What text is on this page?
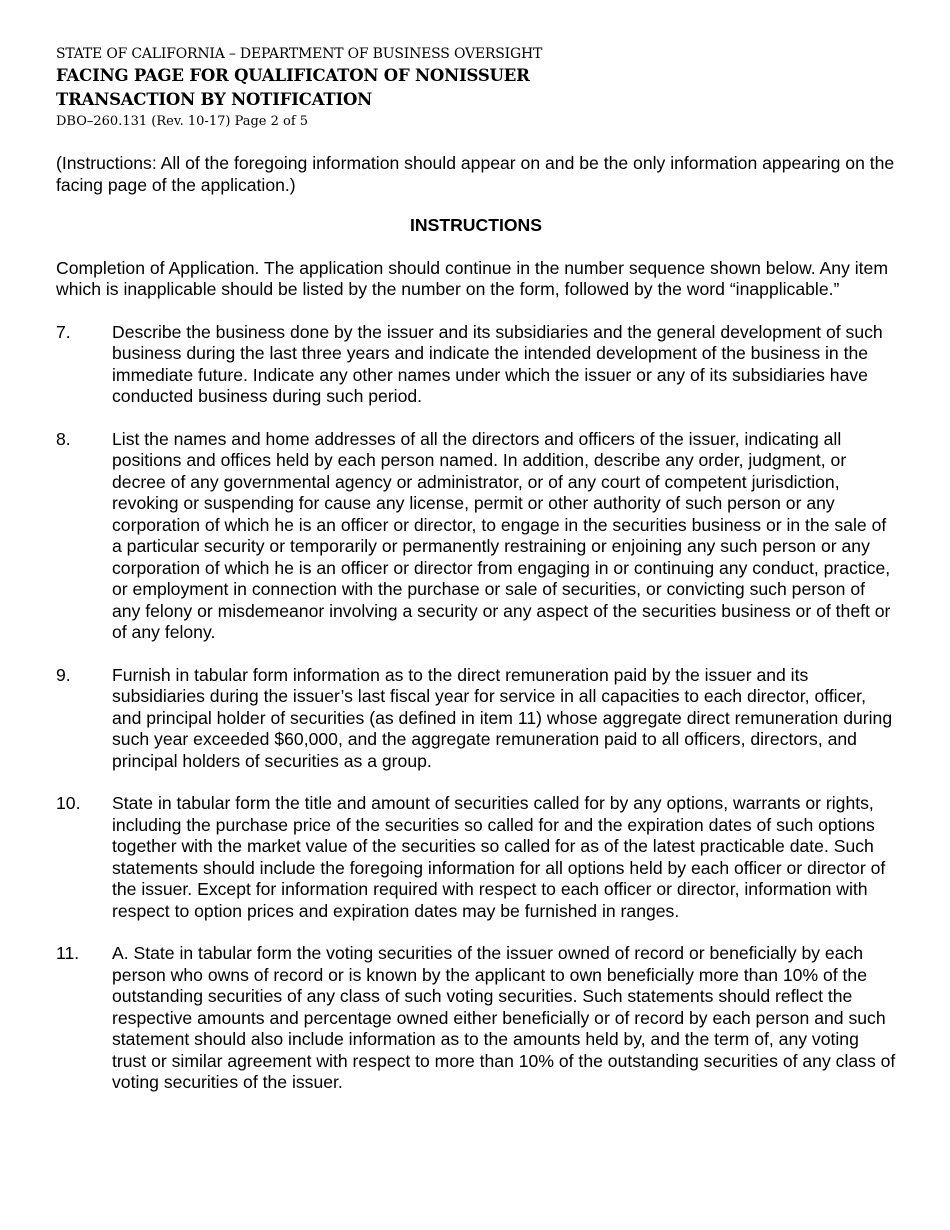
STATE OF CALIFORNIA – DEPARTMENT OF BUSINESS OVERSIGHT
FACING PAGE FOR QUALIFICATON OF NONISSUER
TRANSACTION BY NOTIFICATION
DBO–260.131 (Rev. 10-17) Page 2 of 5

(Instructions: All of the foregoing information should appear on and be the only information appearing on the facing page of the application.)

INSTRUCTIONS

Completion of Application. The application should continue in the number sequence shown below. Any item which is inapplicable should be listed by the number on the form, followed by the word “inapplicable.”

7.	Describe the business done by the issuer and its subsidiaries and the general development of such business during the last three years and indicate the intended development of the business in the immediate future. Indicate any other names under which the issuer or any of its subsidiaries have conducted business during such period.
8.	List the names and home addresses of all the directors and officers of the issuer, indicating all positions and offices held by each person named. In addition, describe any order, judgment, or decree of any governmental agency or administrator, or of any court of competent jurisdiction, revoking or suspending for cause any license, permit or other authority of such person or any corporation of which he is an officer or director, to engage in the securities business or in the sale of a particular security or temporarily or permanently restraining or enjoining any such person or any corporation of which he is an officer or director from engaging in or continuing any conduct, practice, or employment in connection with the purchase or sale of securities, or convicting such person of any felony or misdemeanor involving a security or any aspect of the securities business or of theft or of any felony.
9.	Furnish in tabular form information as to the direct remuneration paid by the issuer and its subsidiaries during the issuer’s last fiscal year for service in all capacities to each director, officer, and principal holder of securities (as defined in item 11) whose aggregate direct remuneration during such year exceeded $60,000, and the aggregate remuneration paid to all officers, directors, and principal holders of securities as a group.
10.	State in tabular form the title and amount of securities called for by any options, warrants or rights, including the purchase price of the securities so called for and the expiration dates of such options together with the market value of the securities so called for as of the latest practicable date. Such statements should include the foregoing information for all options held by each officer or director of the issuer. Except for information required with respect to each officer or director, information with respect to option prices and expiration dates may be furnished in ranges.
11.	A. State in tabular form the voting securities of the issuer owned of record or beneficially by each person who owns of record or is known by the applicant to own beneficially more than 10% of the outstanding securities of any class of such voting securities. Such statements should reflect the respective amounts and percentage owned either beneficially or of record by each person and such statement should also include information as to the amounts held by, and the term of, any voting trust or similar agreement with respect to more than 10% of the outstanding securities of any class of voting securities of the issuer.
